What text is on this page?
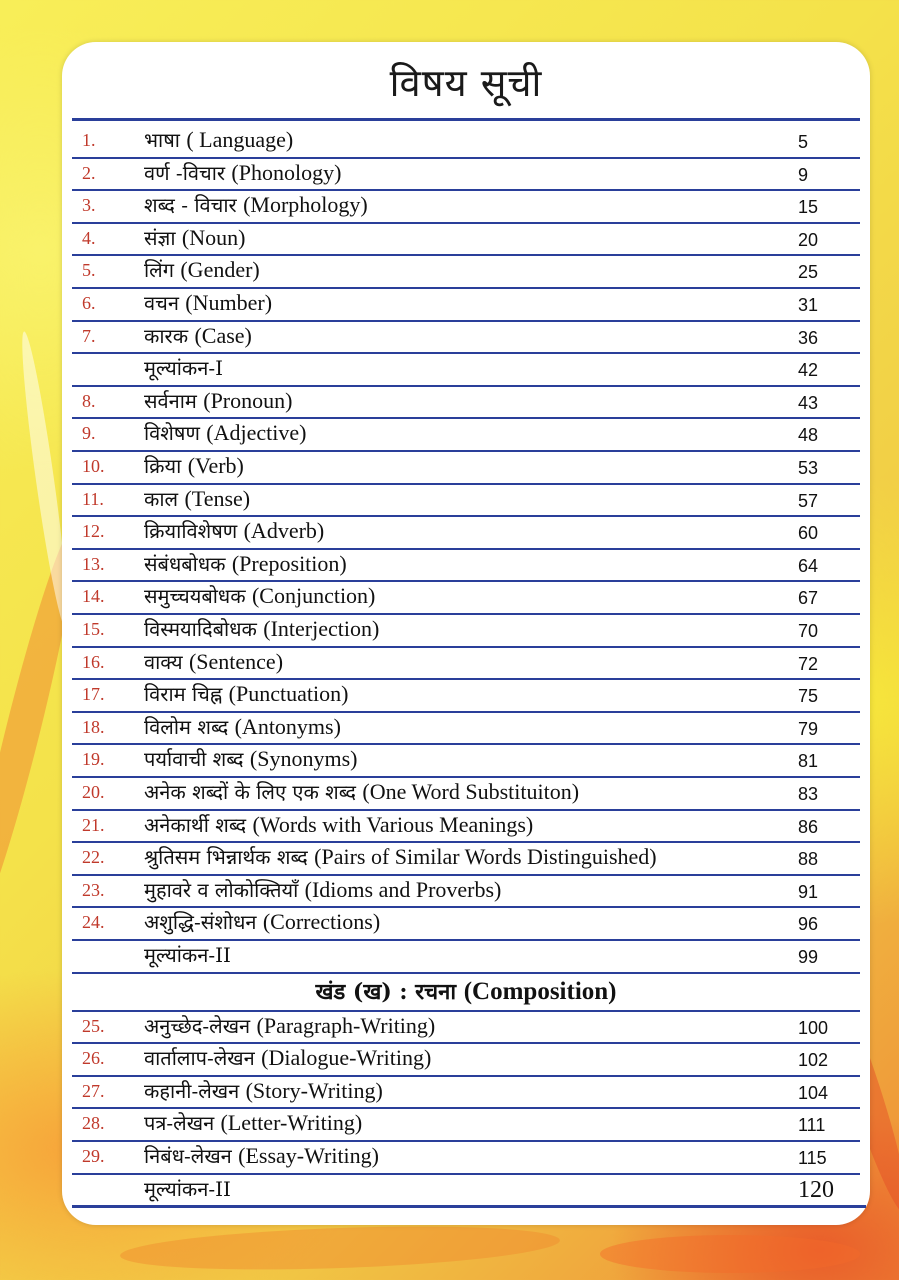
विषय सूची
खंड (ख) : रचना (Composition)
1.	भाषा ( Language)	5
2.	वर्ण -विचार (Phonology)	9
3.	शब्द - विचार (Morphology)	15
4.	संज्ञा (Noun)	20
5.	लिंग (Gender)	25
6.	वचन (Number)	31
7.	कारक (Case)	36
मूल्यांकन-I	42
8.	सर्वनाम (Pronoun)	43
9.	विशेषण (Adjective)	48
10.	क्रिया (Verb)	53
11.	काल (Tense)	57
12.	क्रियाविशेषण (Adverb)	60
13.	संबंधबोधक (Preposition)	64
14.	समुच्चयबोधक (Conjunction)	67
15.	विस्मयादिबोधक (Interjection)	70
16.	वाक्य (Sentence)	72
17.	विराम चिह्न (Punctuation)	75
18.	विलोम शब्द (Antonyms)	79
19.	पर्यावाची शब्द (Synonyms)	81
20.	अनेक शब्दों के लिए एक शब्द (One Word Substituiton)	83
21.	अनेकार्थी शब्द (Words with Various Meanings)	86
22.	श्रुतिसम भिन्नार्थक शब्द (Pairs of Similar Words Distinguished)	88
23.	मुहावरे व लोकोक्तियाँ (Idioms and Proverbs)	91
24.	अशुद्धि-संशोधन (Corrections)	96
मूल्यांकन-II	99
25.	अनुच्छेद-लेखन (Paragraph-Writing)	100
26.	वार्तालाप-लेखन (Dialogue-Writing)	102
27.	कहानी-लेखन (Story-Writing)	104
28.	पत्र-लेखन (Letter-Writing)	111
29.	निबंध-लेखन (Essay-Writing)	115
मूल्यांकन-II	120
